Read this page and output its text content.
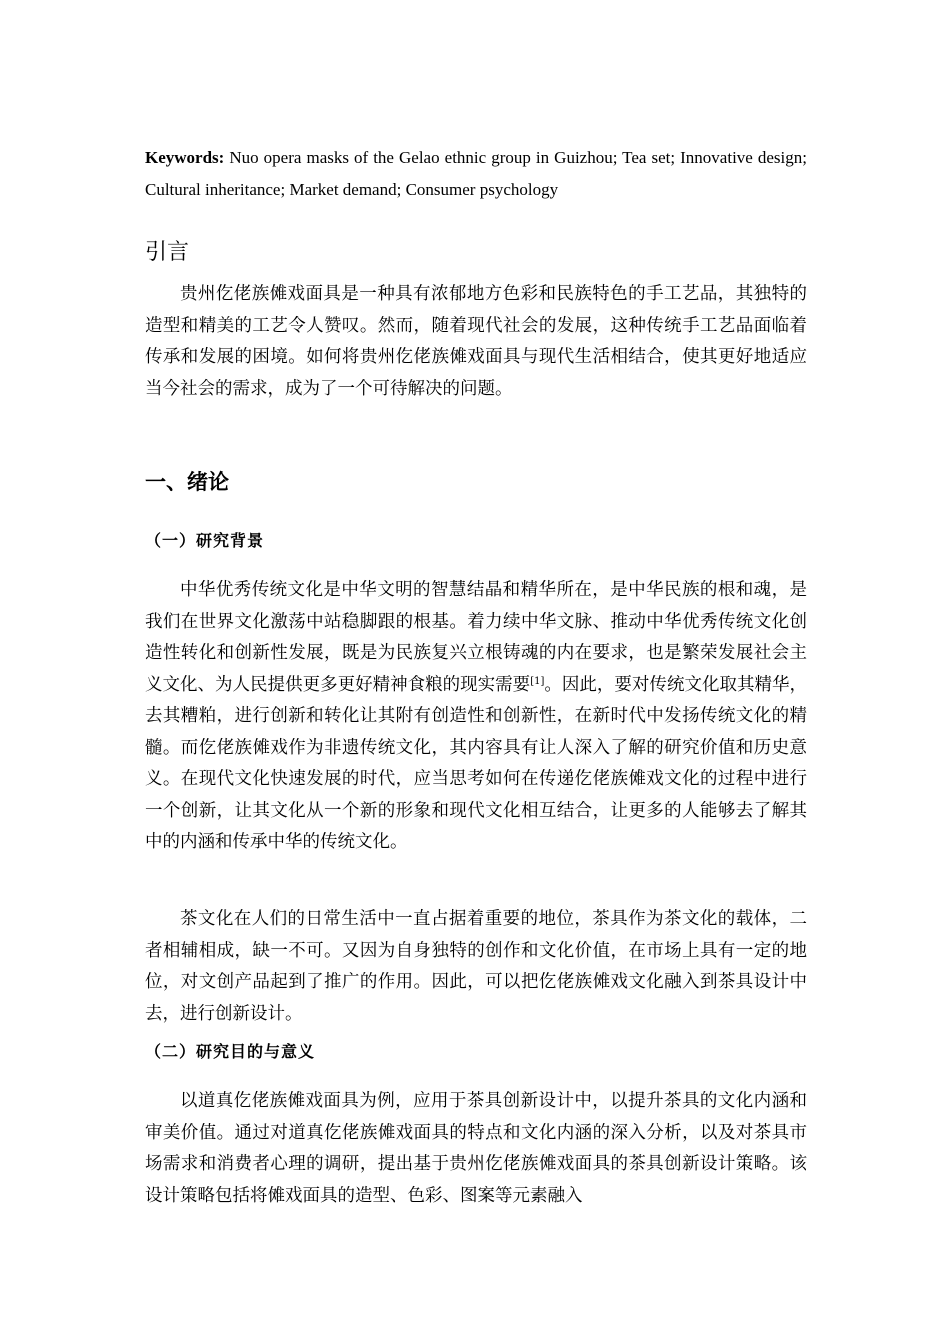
Keywords: Nuo opera masks of the Gelao ethnic group in Guizhou; Tea set; Innovative design; Cultural inheritance; Market demand; Consumer psychology
引言

贵州仡佬族傩戏面具是一种具有浓郁地方色彩和民族特色的手工艺品，其独特的造型和精美的工艺令人赞叹。然而，随着现代社会的发展，这种传统手工艺品面临着传承和发展的困境。如何将贵州仡佬族傩戏面具与现代生活相结合，使其更好地适应当今社会的需求，成为了一个可待解决的问题。

一、绪论
（一）研究背景

中华优秀传统文化是中华文明的智慧结晶和精华所在，是中华民族的根和魂，是我们在世界文化激荡中站稳脚跟的根基。着力续中华文脉、推动中华优秀传统文化创造性转化和创新性发展，既是为民族复兴立根铸魂的内在要求，也是繁荣发展社会主义文化、为人民提供更多更好精神食粮的现实需要[1]。因此，要对传统文化取其精华，去其糟粕，进行创新和转化让其附有创造性和创新性，在新时代中发扬传统文化的精髓。而仡佬族傩戏作为非遗传统文化，其内容具有让人深入了解的研究价值和历史意义。在现代文化快速发展的时代，应当思考如何在传递仡佬族傩戏文化的过程中进行一个创新，让其文化从一个新的形象和现代文化相互结合，让更多的人能够去了解其中的内涵和传承中华的传统文化。

茶文化在人们的日常生活中一直占据着重要的地位，茶具作为茶文化的载体，二者相辅相成，缺一不可。又因为自身独特的创作和文化价值，在市场上具有一定的地位，对文创产品起到了推广的作用。因此，可以把仡佬族傩戏文化融入到茶具设计中去，进行创新设计。

（二）研究目的与意义

以道真仡佬族傩戏面具为例，应用于茶具创新设计中，以提升茶具的文化内涵和审美价值。通过对道真仡佬族傩戏面具的特点和文化内涵的深入分析，以及对茶具市场需求和消费者心理的调研，提出基于贵州仡佬族傩戏面具的茶具创新设计策略。该设计策略包括将傩戏面具的造型、色彩、图案等元素融入
